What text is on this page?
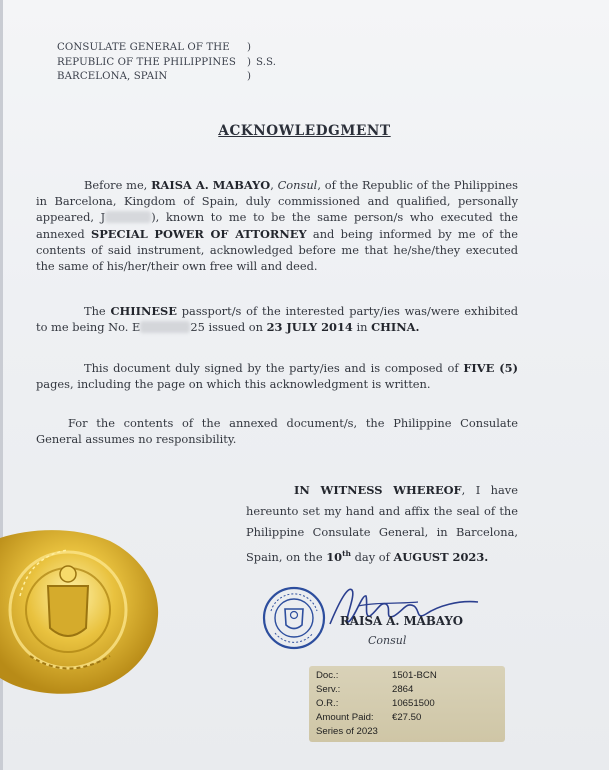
CONSULATE GENERAL OF THE	)
REPUBLIC OF THE PHILIPPINES	) S.S.
BARCELONA, SPAIN	)
ACKNOWLEDGMENT
Before me, RAISA A. MABAYO, Consul, of the Republic of the Philippines in Barcelona, Kingdom of Spain, duly commissioned and qualified, personally appeared, J	), known to me to be the same person/s who executed the annexed SPECIAL POWER OF ATTORNEY and being informed by me of the contents of said instrument, acknowledged before me that he/she/they executed the same of his/her/their own free will and deed.
The CHIINESE passport/s of the interested party/ies was/were exhibited to me being No. E	25 issued on 23 JULY 2014 in CHINA.
This document duly signed by the party/ies and is composed of FIVE (5) pages, including the page on which this acknowledgment is written.
For the contents of the annexed document/s, the Philippine Consulate General assumes no responsibility.
IN WITNESS WHEREOF, I have hereunto set my hand and affix the seal of the Philippine Consulate General, in Barcelona, Spain, on the 10th day of AUGUST 2023.
RAISA A. MABAYO
Consul
Doc.:	1501-BCN
Serv.:	2864
O.R.:	10651500
Amount Paid: €27.50
Series of 2023
